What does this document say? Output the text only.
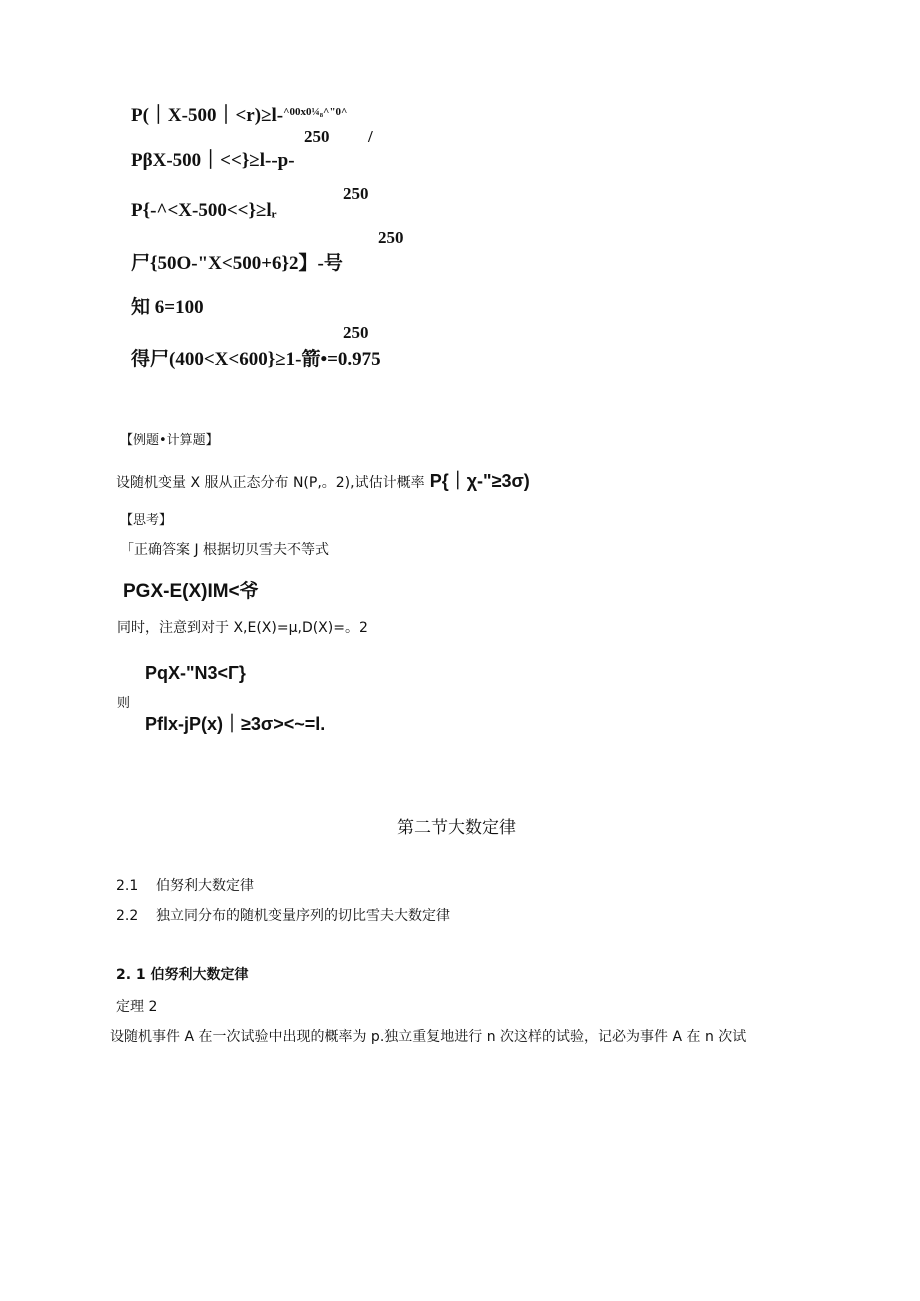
P(｜X-500｜<r)≥l-$^{\^{}00x0\frac{1}{4}_8\^{}"0\^{}}$
250 /
PβX-500｜<<}≥l--p-
250
P{-^<X-500<<}≥lᵣ
250
尸{50O-"X<500+6}2】-号
知 6=100
250
得尸(400<X<600}≥1-箭•=0.975
【例题•计算题】
设随机变量 X 服从正态分布 N(P,。2),试估计概率 P{｜χ-"≥3σ)
【思考】
「正确答案 J 根据切贝雪夫不等式
PGX-E(X)IM<爷
同时，注意到对于 X,E(X)=μ,D(X)=。2
PqX-"N3<Γ}
则
Pflx-jP(x)｜≥3σ><~=l.
第二节大数定律
2.1 伯努利大数定律
2.2 独立同分布的随机变量序列的切比雪夫大数定律
2. 1 伯努利大数定律
定理 2
设随机事件 A 在一次试验中出现的概率为 p.独立重复地进行 n 次这样的试验，记必为事件 A 在 n 次试
